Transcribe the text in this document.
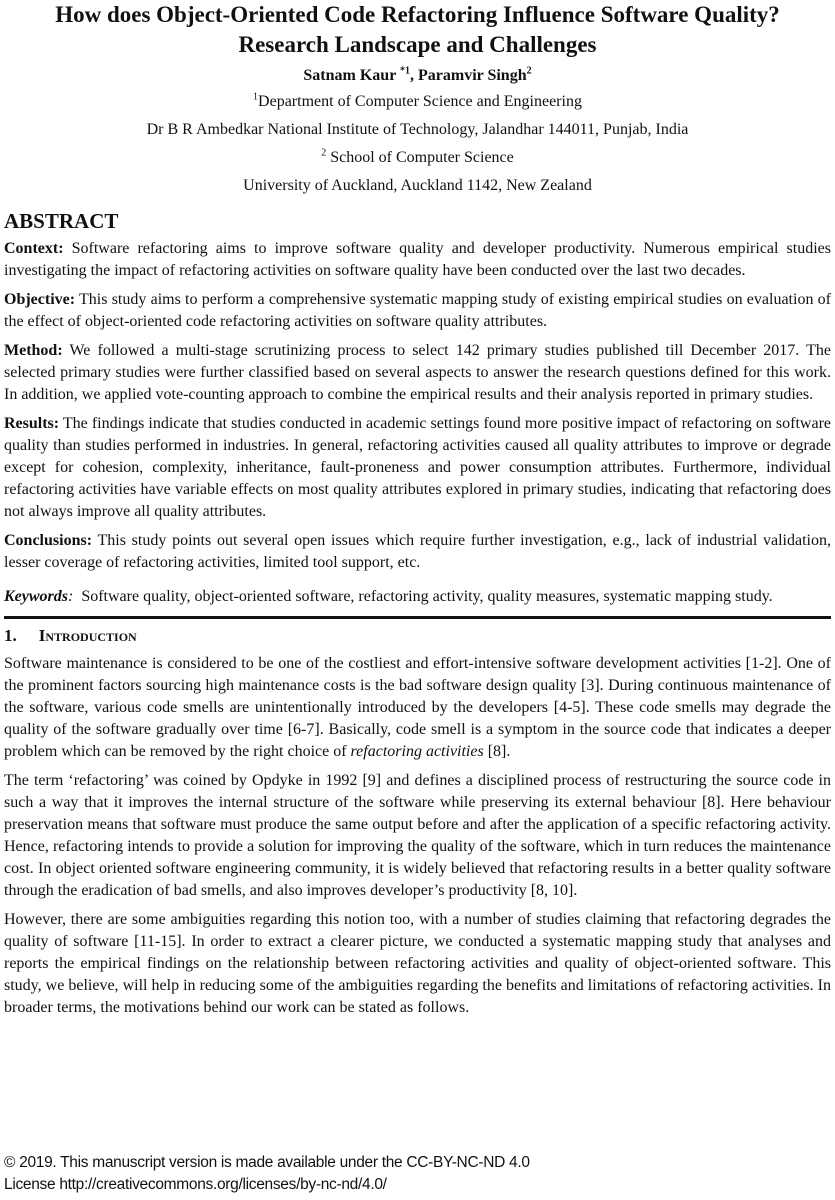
How does Object-Oriented Code Refactoring Influence Software Quality?
Research Landscape and Challenges
Satnam Kaur $^{*1}$, Paramvir Singh$^2$
$^1$Department of Computer Science and Engineering
Dr B R Ambedkar National Institute of Technology, Jalandhar 144011, Punjab, India
$^2$ School of Computer Science
University of Auckland, Auckland 1142, New Zealand
ABSTRACT

Context: Software refactoring aims to improve software quality and developer productivity. Numerous empirical studies investigating the impact of refactoring activities on software quality have been conducted over the last two decades.

Objective: This study aims to perform a comprehensive systematic mapping study of existing empirical studies on evaluation of the effect of object-oriented code refactoring activities on software quality attributes.

Method: We followed a multi-stage scrutinizing process to select 142 primary studies published till December 2017. The selected primary studies were further classified based on several aspects to answer the research questions defined for this work. In addition, we applied vote-counting approach to combine the empirical results and their analysis reported in primary studies.

Results: The findings indicate that studies conducted in academic settings found more positive impact of refactoring on software quality than studies performed in industries. In general, refactoring activities caused all quality attributes to improve or degrade except for cohesion, complexity, inheritance, fault-proneness and power consumption attributes. Furthermore, individual refactoring activities have variable effects on most quality attributes explored in primary studies, indicating that refactoring does not always improve all quality attributes.

Conclusions: This study points out several open issues which require further investigation, e.g., lack of industrial validation, lesser coverage of refactoring activities, limited tool support, etc.

Keywords:  Software quality, object-oriented software, refactoring activity, quality measures, systematic mapping study.

1. Introduction

Software maintenance is considered to be one of the costliest and effort-intensive software development activities [1-2]. One of the prominent factors sourcing high maintenance costs is the bad software design quality [3]. During continuous maintenance of the software, various code smells are unintentionally introduced by the developers [4-5]. These code smells may degrade the quality of the software gradually over time [6-7]. Basically, code smell is a symptom in the source code that indicates a deeper problem which can be removed by the right choice of refactoring activities [8].

The term ‘refactoring’ was coined by Opdyke in 1992 [9] and defines a disciplined process of restructuring the source code in such a way that it improves the internal structure of the software while preserving its external behaviour [8]. Here behaviour preservation means that software must produce the same output before and after the application of a specific refactoring activity. Hence, refactoring intends to provide a solution for improving the quality of the software, which in turn reduces the maintenance cost. In object oriented software engineering community, it is widely believed that refactoring results in a better quality software through the eradication of bad smells, and also improves developer’s productivity [8, 10].

However, there are some ambiguities regarding this notion too, with a number of studies claiming that refactoring degrades the quality of software [11-15]. In order to extract a clearer picture, we conducted a systematic mapping study that analyses and reports the empirical findings on the relationship between refactoring activities and quality of object-oriented software. This study, we believe, will help in reducing some of the ambiguities regarding the benefits and limitations of refactoring activities. In broader terms, the motivations behind our work can be stated as follows.

© 2019. This manuscript version is made available under the CC-BY-NC-ND 4.0
License http://creativecommons.org/licenses/by-nc-nd/4.0/
